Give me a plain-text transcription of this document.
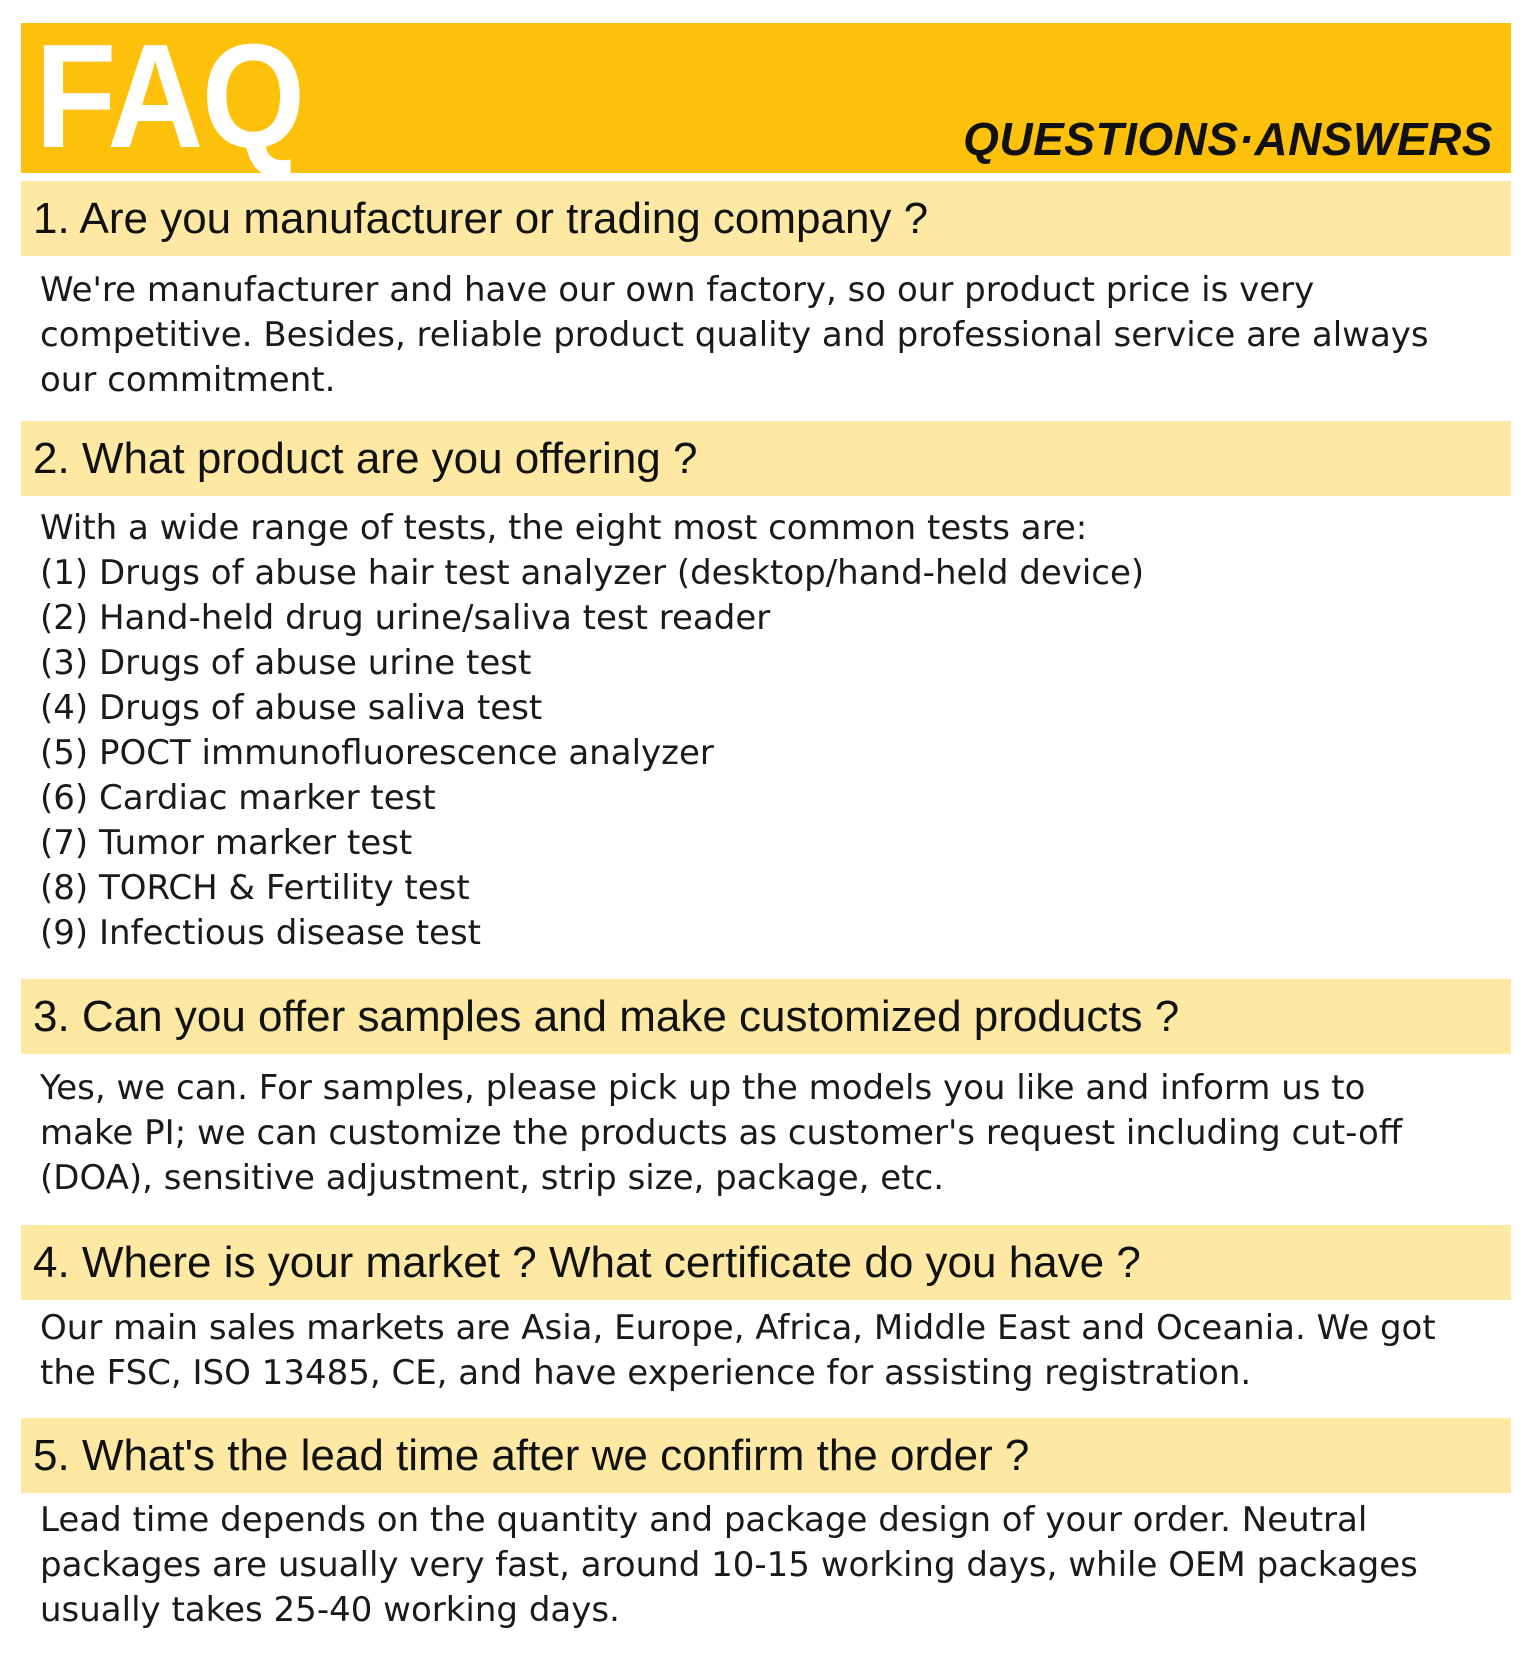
FAQ	QUESTIONS·ANSWERS
1. Are you manufacturer or trading company ?
We're manufacturer and have our own factory, so our product price is very
competitive. Besides, reliable product quality and professional service are always
our commitment.
2. What product are you offering ?
With a wide range of tests, the eight most common tests are:
(1) Drugs of abuse hair test analyzer (desktop/hand-held device)
(2) Hand-held drug urine/saliva test reader
(3) Drugs of abuse urine test
(4) Drugs of abuse saliva test
(5) POCT immunofluorescence analyzer
(6) Cardiac marker test
(7) Tumor marker test
(8) TORCH & Fertility test
(9) Infectious disease test
3. Can you offer samples and make customized products ?
Yes, we can. For samples, please pick up the models you like and inform us to
make PI; we can customize the products as customer's request including cut-off
(DOA), sensitive adjustment, strip size, package, etc.
4. Where is your market ? What certificate do you have ?
Our main sales markets are Asia, Europe, Africa, Middle East and Oceania. We got
the FSC, ISO 13485, CE, and have experience for assisting registration.
5. What's the lead time after we confirm the order ?
Lead time depends on the quantity and package design of your order. Neutral
packages are usually very fast, around 10-15 working days, while OEM packages
usually takes 25-40 working days.
